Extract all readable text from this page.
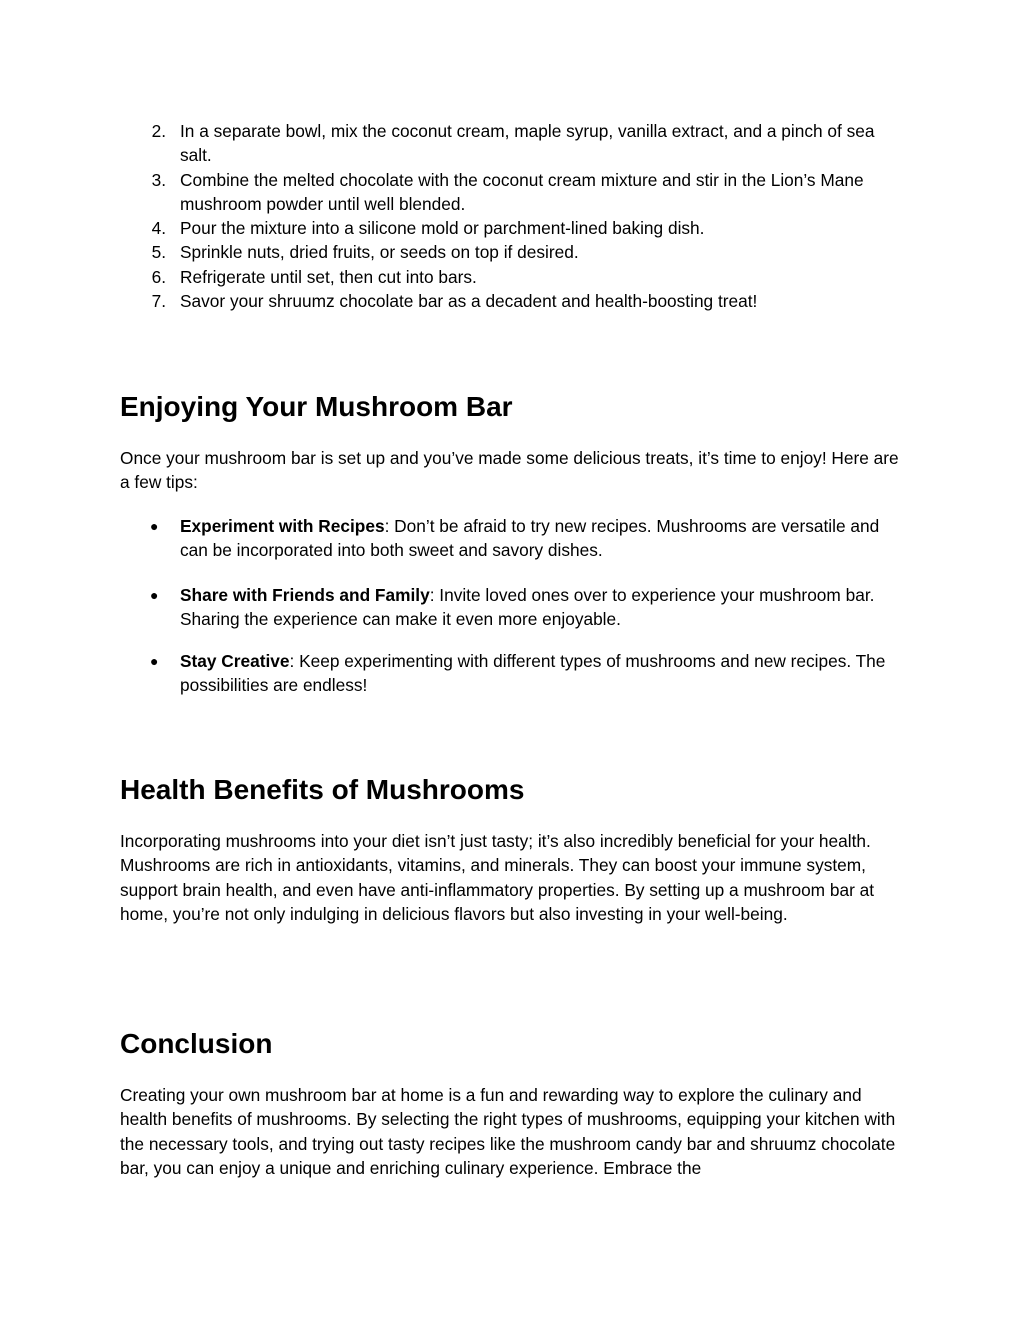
2. In a separate bowl, mix the coconut cream, maple syrup, vanilla extract, and a pinch of sea salt.
3. Combine the melted chocolate with the coconut cream mixture and stir in the Lion’s Mane mushroom powder until well blended.
4. Pour the mixture into a silicone mold or parchment-lined baking dish.
5. Sprinkle nuts, dried fruits, or seeds on top if desired.
6. Refrigerate until set, then cut into bars.
7. Savor your shruumz chocolate bar as a decadent and health-boosting treat!
Enjoying Your Mushroom Bar

Once your mushroom bar is set up and you’ve made some delicious treats, it’s time to enjoy! Here are a few tips:

● Experiment with Recipes: Don’t be afraid to try new recipes. Mushrooms are versatile and can be incorporated into both sweet and savory dishes.
● Share with Friends and Family: Invite loved ones over to experience your mushroom bar. Sharing the experience can make it even more enjoyable.
● Stay Creative: Keep experimenting with different types of mushrooms and new recipes. The possibilities are endless!
Health Benefits of Mushrooms

Incorporating mushrooms into your diet isn’t just tasty; it’s also incredibly beneficial for your health. Mushrooms are rich in antioxidants, vitamins, and minerals. They can boost your immune system, support brain health, and even have anti-inflammatory properties. By setting up a mushroom bar at home, you’re not only indulging in delicious flavors but also investing in your well-being.

Conclusion

Creating your own mushroom bar at home is a fun and rewarding way to explore the culinary and health benefits of mushrooms. By selecting the right types of mushrooms, equipping your kitchen with the necessary tools, and trying out tasty recipes like the mushroom candy bar and shruumz chocolate bar, you can enjoy a unique and enriching culinary experience. Embrace the
